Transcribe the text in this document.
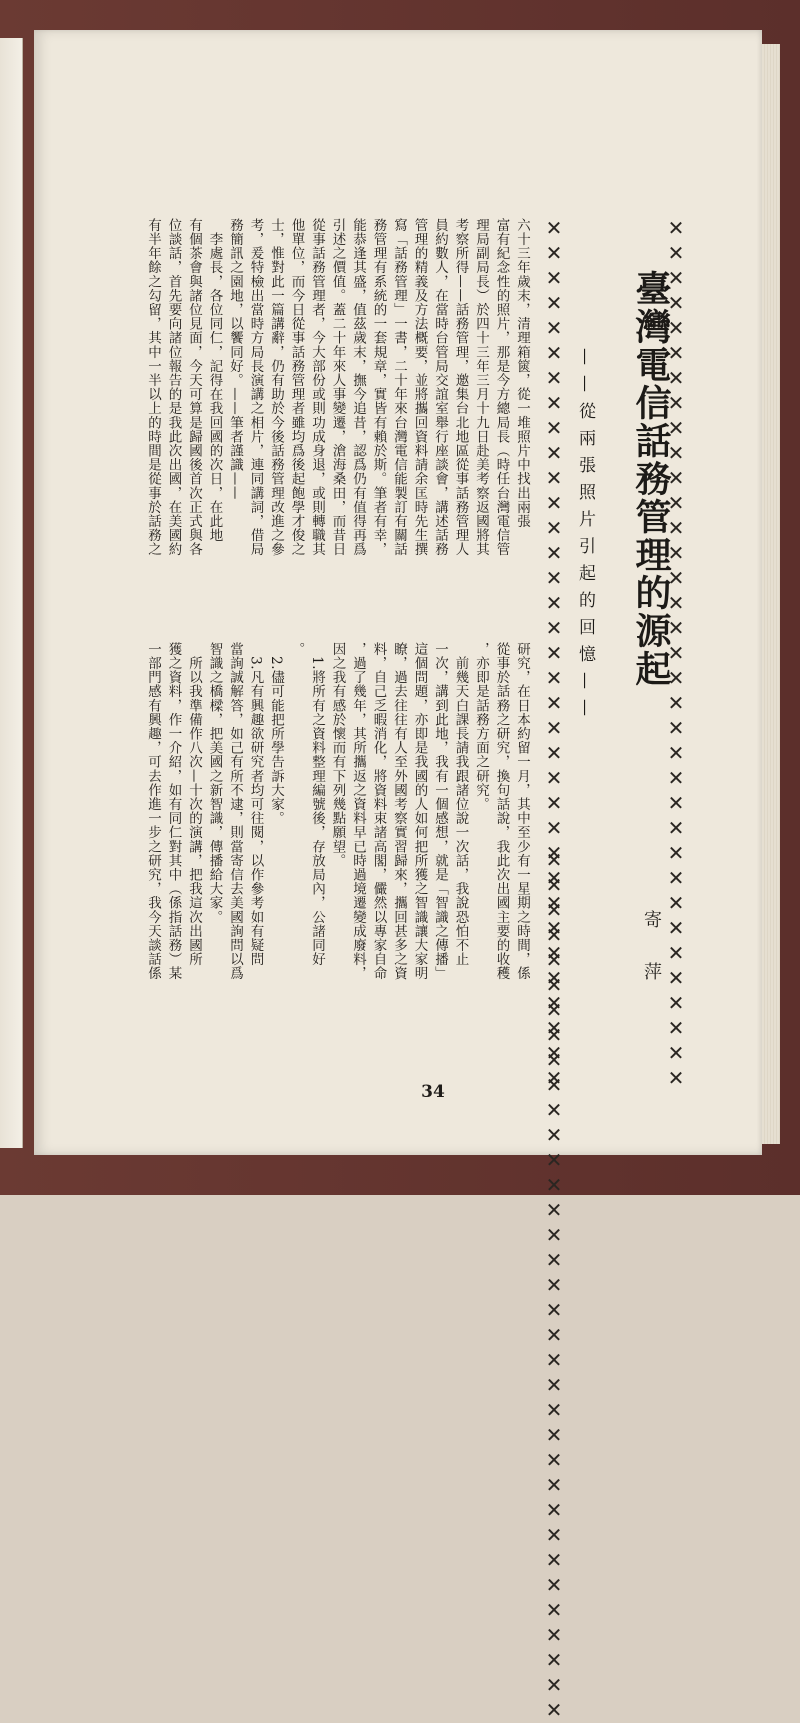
✕✕✕✕✕✕✕✕✕✕✕✕✕✕✕✕✕✕✕✕✕✕✕✕✕✕✕✕✕✕✕✕✕✕✕
✕✕✕✕✕✕✕✕✕✕✕✕✕✕✕✕✕✕✕✕✕✕✕✕✕✕✕✕✕✕✕✕✕✕✕
✕✕✕✕✕✕✕✕✕✕✕✕✕✕✕✕✕✕✕✕✕✕✕✕✕✕✕✕✕✕✕✕✕✕✕
臺灣電信話務管理的源起
——從兩張照片引起的回憶——
寄萍
六十三年歲末，清理箱篋，從一堆照片中找出兩張
富有紀念性的照片，那是今方總局長（時任台灣電信管
理局副局長）於四十三年三月十九日赴美考察返國將其
考察所得——話務管理，邀集台北地區從事話務管理人
員約數人，在當時台管局交誼室舉行座談會，講述話務
管理的精義及方法概要，並將攜回資料請余匡時先生撰
寫「話務管理」一書，二十年來台灣電信能製訂有關話
務管理有系統的一套規章，實皆有賴於斯。筆者有幸，
能恭逢其盛，值茲歲末，撫今追昔，認爲仍有值得再爲
引述之價值。蓋二十年來人事變遷，滄海桑田，而昔日
從事話務管理者，今大部份或則功成身退，或則轉職其
他單位，而今日從事話務管理者雖均爲後起飽學才俊之
士，惟對此一篇講辭，仍有助於今後話務管理改進之參
考，爰特檢出當時方局長演講之相片，連同講詞，借局
務簡訊之園地，以饗同好。——筆者謹識——
　李處長，各位同仁，記得在我回國的次日，在此地
有個茶會與諸位見面，今天可算是歸國後首次正式與各
位談話，首先要向諸位報告的是我此次出國，在美國約
有半年餘之勾留，其中一半以上的時間是從事於話務之
研究，在日本約留一月，其中至少有一星期之時間，係
從事於話務之研究，換句話說，我此次出國主要的收穫
，亦即是話務方面之研究。
　前幾天白課長請我跟諸位說一次話，我說恐怕不止
一次，講到此地，我有一個感想，就是「智識之傳播」
這個問題，亦即是我國的人如何把所獲之智識讓大家明
瞭，過去往往有人至外國考察實習歸來，攜回甚多之資
料，自己乏暇消化，將資料束諸高閣，儼然以專家自命
，過了幾年，其所攜返之資料早已時過境遷變成廢料，
因之我有感於懷而有下列幾點願望。
　1.將所有之資料整理編號後，存放局內，公諸同好
。
　2.儘可能把所學告訴大家。
　3.凡有興趣欲研究者均可往閱，以作參考如有疑問
當詢誠解答，如己有所不逮，則當寄信去美國詢問以爲
智識之橋樑，把美國之新智識，傳播給大家。
　所以我準備作八次—十次的演講，把我這次出國所
獲之資料，作一介紹，如有同仁對其中（係指話務）某
一部門感有興趣，可去作進一步之研究，我今天談話係
34
